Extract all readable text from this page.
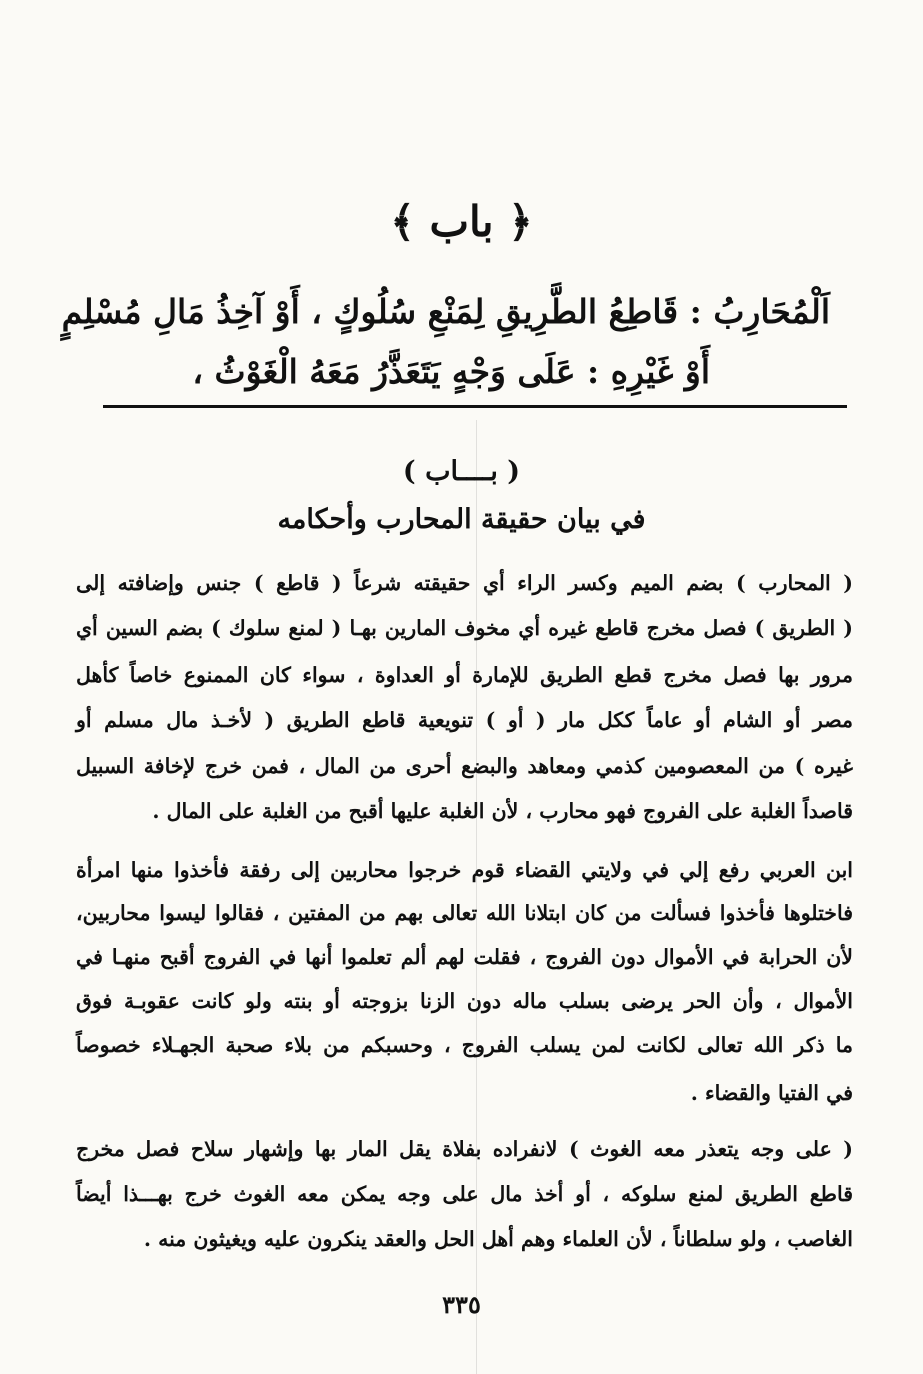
﴿ باب ﴾
اَلْمُحَارِبُ : قَاطِعُ الطَّرِيقِ لِمَنْعِ سُلُوكٍ ، أَوْ آخِذُ مَالِ مُسْلِمٍ
أَوْ غَيْرِهِ : عَلَى وَجْهٍ يَتَعَذَّرُ مَعَهُ الْغَوْثُ ،
( بــــاب )
في بيان حقيقة المحارب وأحكامه
( المحارب ) بضم الميم وكسر الراء أي حقيقته شرعاً ( قاطع ) جنس وإضافته إلى
( الطريق ) فصل مخرج قاطع غيره أي مخوف المارين بهـا ( لمنع سلوك ) بضم السين أي
مرور بها فصل مخرج قطع الطريق للإمارة أو العداوة ، سواء كان الممنوع خاصاً كأهل
مصر أو الشام أو عاماً ككل مار ( أو ) تنويعية قاطع الطريق ( لأخـذ مال مسلم أو
غيره ) من المعصومين كذمي ومعاهد والبضع أحرى من المال ، فمن خرج لإخافة السبيل
قاصداً الغلبة على الفروج فهو محارب ، لأن الغلبة عليها أقبح من الغلبة على المال .
ابن العربي رفع إلي في ولايتي القضاء قوم خرجوا محاربين إلى رفقة فأخذوا منها امرأة
فاختلوها فأخذوا فسألت من كان ابتلانا الله تعالى بهم من المفتين ، فقالوا ليسوا محاربين،
لأن الحرابة في الأموال دون الفروج ، فقلت لهم ألم تعلموا أنها في الفروج أقبح منهـا في
الأموال ، وأن الحر يرضى بسلب ماله دون الزنا بزوجته أو بنته ولو كانت عقوبـة فوق
ما ذكر الله تعالى لكانت لمن يسلب الفروج ، وحسبكم من بلاء صحبة الجهـلاء خصوصاً
في الفتيا والقضاء .
( على وجه يتعذر معه الغوث ) لانفراده بفلاة يقل المار بها وإشهار سلاح فصل مخرج
قاطع الطريق لمنع سلوكه ، أو أخذ مال على وجه يمكن معه الغوث خرج بهـــذا أيضاً
الغاصب ، ولو سلطاناً ، لأن العلماء وهم أهل الحل والعقد ينكرون عليه ويغيثون منه .
٣٣٥
